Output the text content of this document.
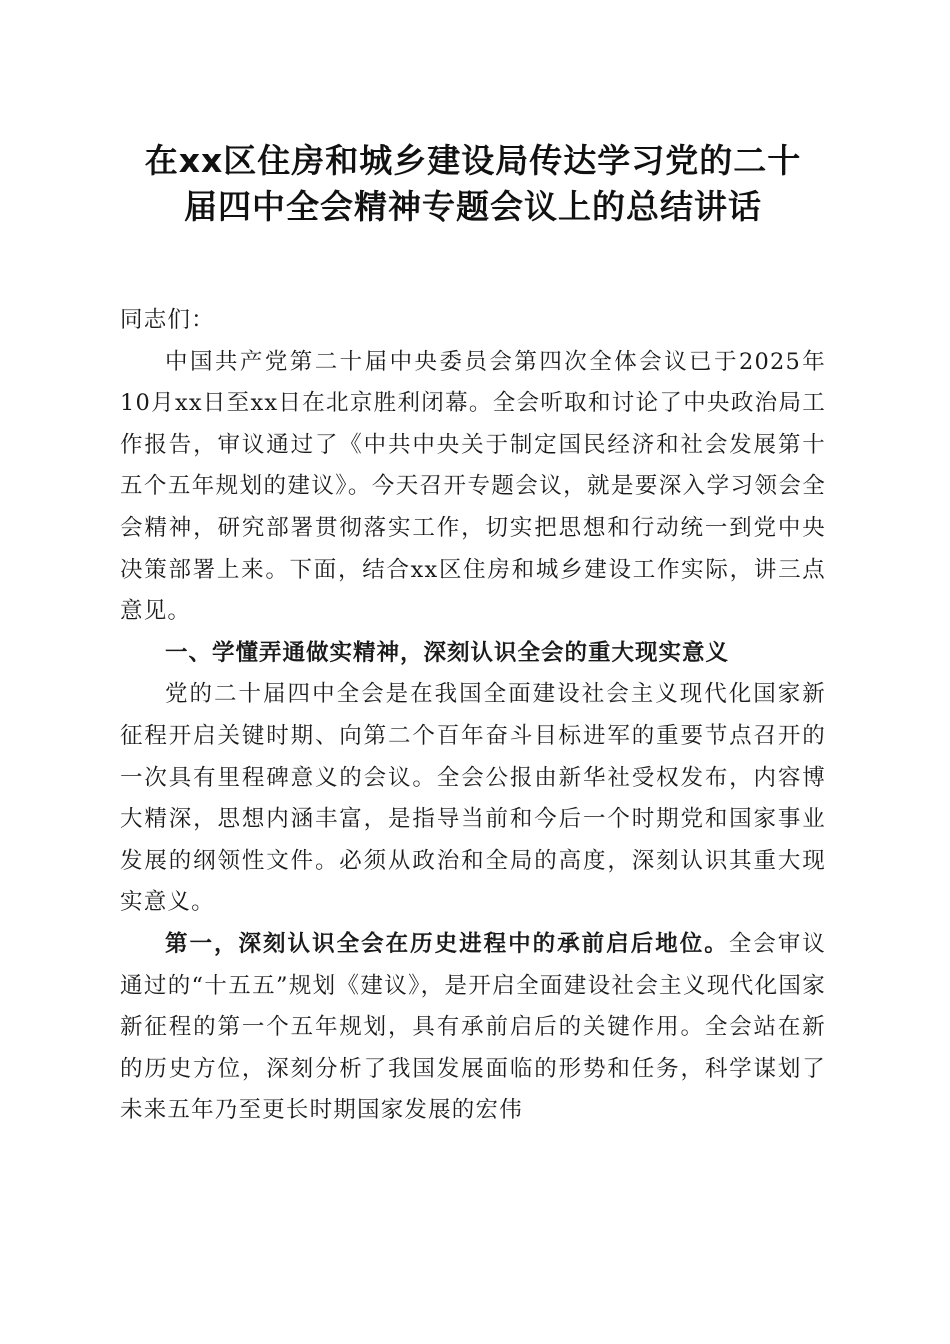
在xx区住房和城乡建设局传达学习党的二十
届四中全会精神专题会议上的总结讲话

同志们：

中国共产党第二十届中央委员会第四次全体会议已于2025年10月xx日至xx日在北京胜利闭幕。全会听取和讨论了中央政治局工作报告，审议通过了《中共中央关于制定国民经济和社会发展第十五个五年规划的建议》。今天召开专题会议，就是要深入学习领会全会精神，研究部署贯彻落实工作，切实把思想和行动统一到党中央决策部署上来。下面，结合xx区住房和城乡建设工作实际，讲三点意见。

一、学懂弄通做实精神，深刻认识全会的重大现实意义

党的二十届四中全会是在我国全面建设社会主义现代化国家新征程开启关键时期、向第二个百年奋斗目标进军的重要节点召开的一次具有里程碑意义的会议。全会公报由新华社受权发布，内容博大精深，思想内涵丰富，是指导当前和今后一个时期党和国家事业发展的纲领性文件。必须从政治和全局的高度，深刻认识其重大现实意义。

第一，深刻认识全会在历史进程中的承前启后地位。全会审议通过的“十五五”规划《建议》，是开启全面建设社会主义现代化国家新征程的第一个五年规划，具有承前启后的关键作用。全会站在新的历史方位，深刻分析了我国发展面临的形势和任务，科学谋划了未来五年乃至更长时期国家发展的宏伟
